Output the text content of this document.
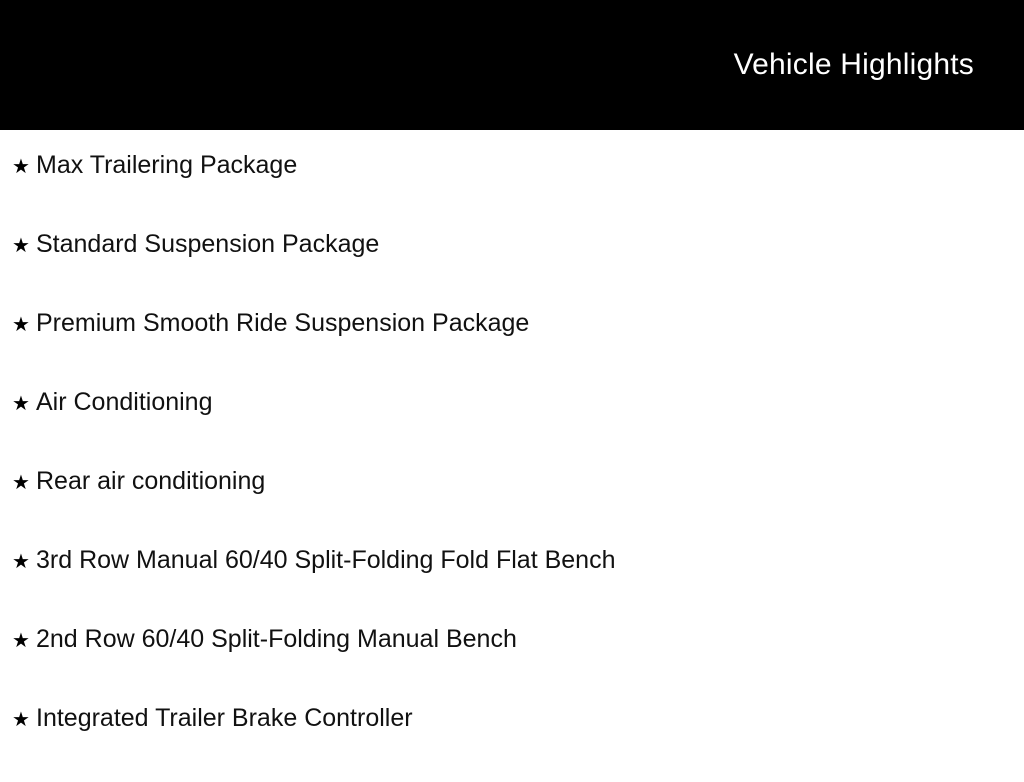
Vehicle Highlights
★ Max Trailering Package
★ Standard Suspension Package
★ Premium Smooth Ride Suspension Package
★ Air Conditioning
★ Rear air conditioning
★ 3rd Row Manual 60/40 Split-Folding Fold Flat Bench
★ 2nd Row 60/40 Split-Folding Manual Bench
★ Integrated Trailer Brake Controller
